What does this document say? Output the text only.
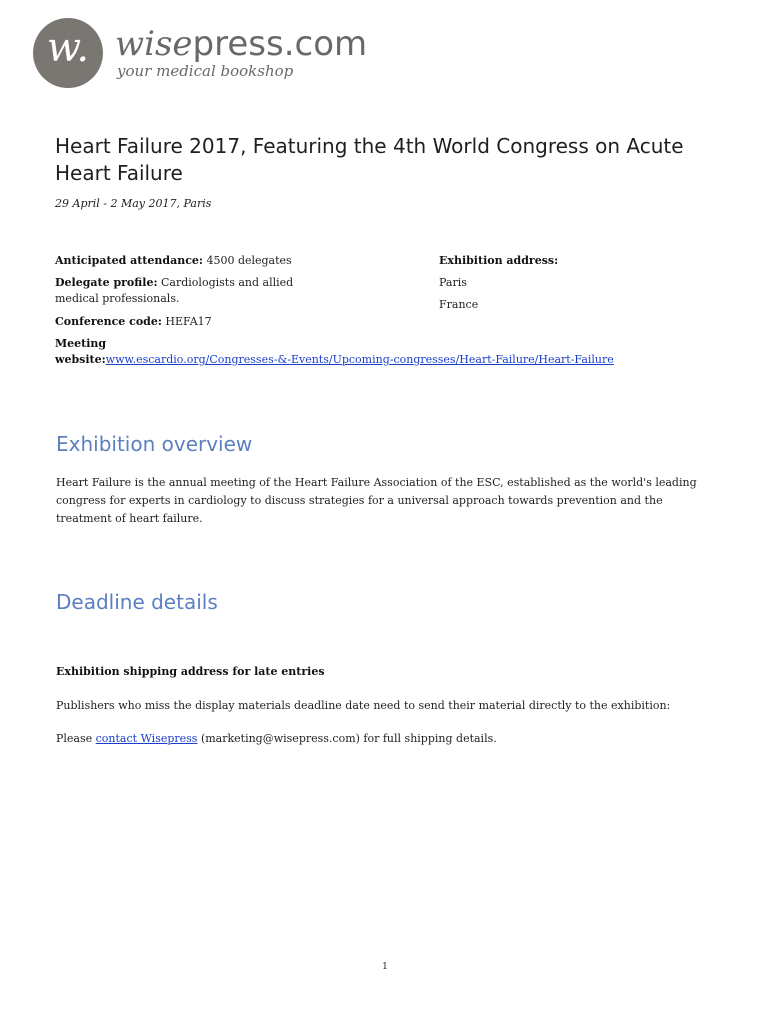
w. wisepress.com
your medical bookshop
Heart Failure 2017, Featuring the 4th World Congress on Acute Heart Failure
29 April - 2 May 2017, Paris
Anticipated attendance: 4500 delegates
Delegate profile: Cardiologists and allied medical professionals.
Conference code: HEFA17
Meeting
website:www.escardio.org/Congresses-&-Events/Upcoming-congresses/Heart-Failure/Heart-Failure
Exhibition address:
Paris
France
Exhibition overview

Heart Failure is the annual meeting of the Heart Failure Association of the ESC, established as the world's leading congress for experts in cardiology to discuss strategies for a universal approach towards prevention and the treatment of heart failure.

Deadline details
Exhibition shipping address for late entries

Publishers who miss the display materials deadline date need to send their material directly to the exhibition:

Please contact Wisepress (marketing@wisepress.com) for full shipping details.

1
